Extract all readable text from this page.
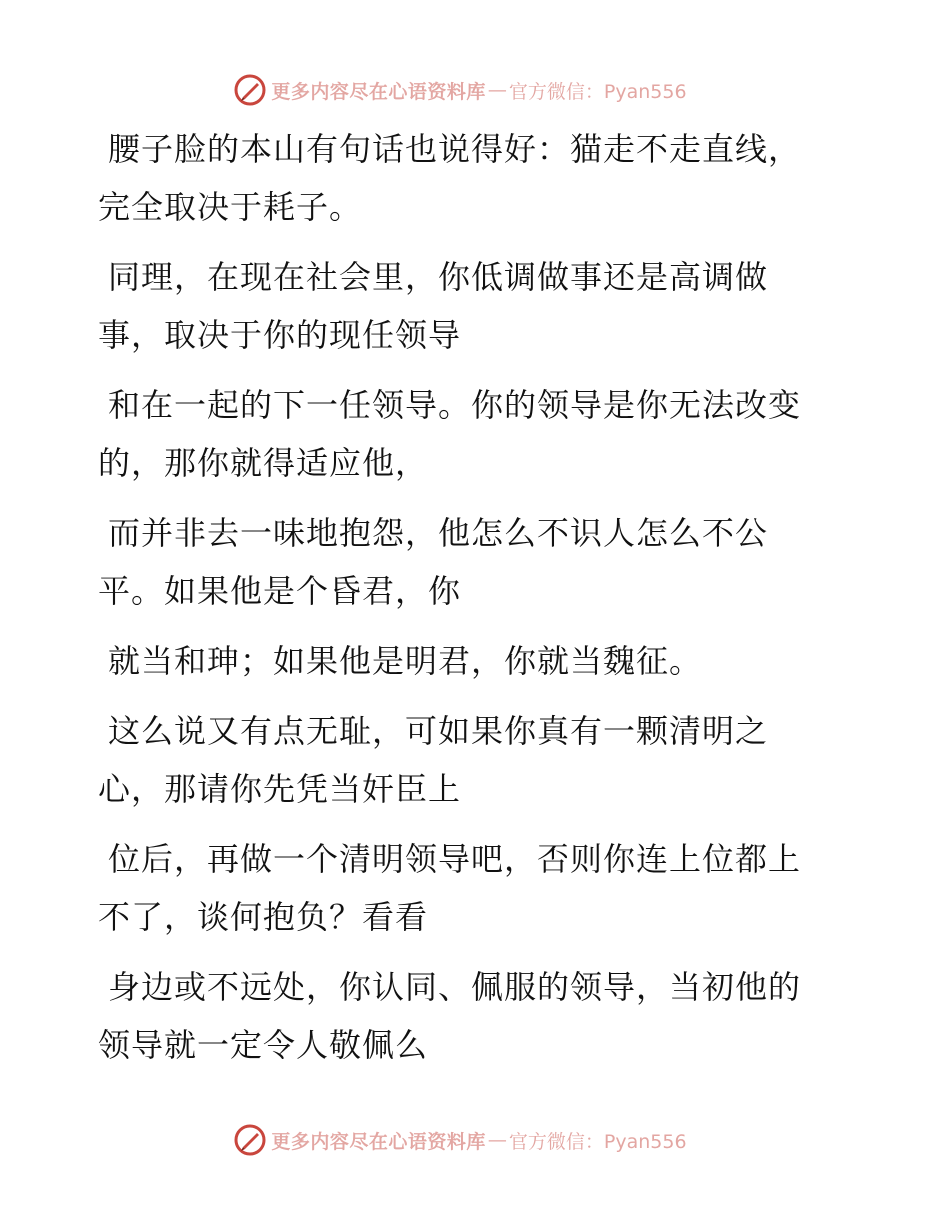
更多内容尽在心语资料库 — 官方微信：Pyan556
腰子脸的本山有句话也说得好：猫走不走直线，
完全取决于耗子。
同理，在现在社会里，你低调做事还是高调做
事，取决于你的现任领导
和在一起的下一任领导。你的领导是你无法改变
的，那你就得适应他，
而并非去一味地抱怨，他怎么不识人怎么不公
平。如果他是个昏君，你
就当和珅；如果他是明君，你就当魏征。
这么说又有点无耻，可如果你真有一颗清明之
心，那请你先凭当奸臣上
位后，再做一个清明领导吧，否则你连上位都上
不了，谈何抱负？看看
身边或不远处，你认同、佩服的领导，当初他的
领导就一定令人敬佩么
更多内容尽在心语资料库 — 官方微信：Pyan556
